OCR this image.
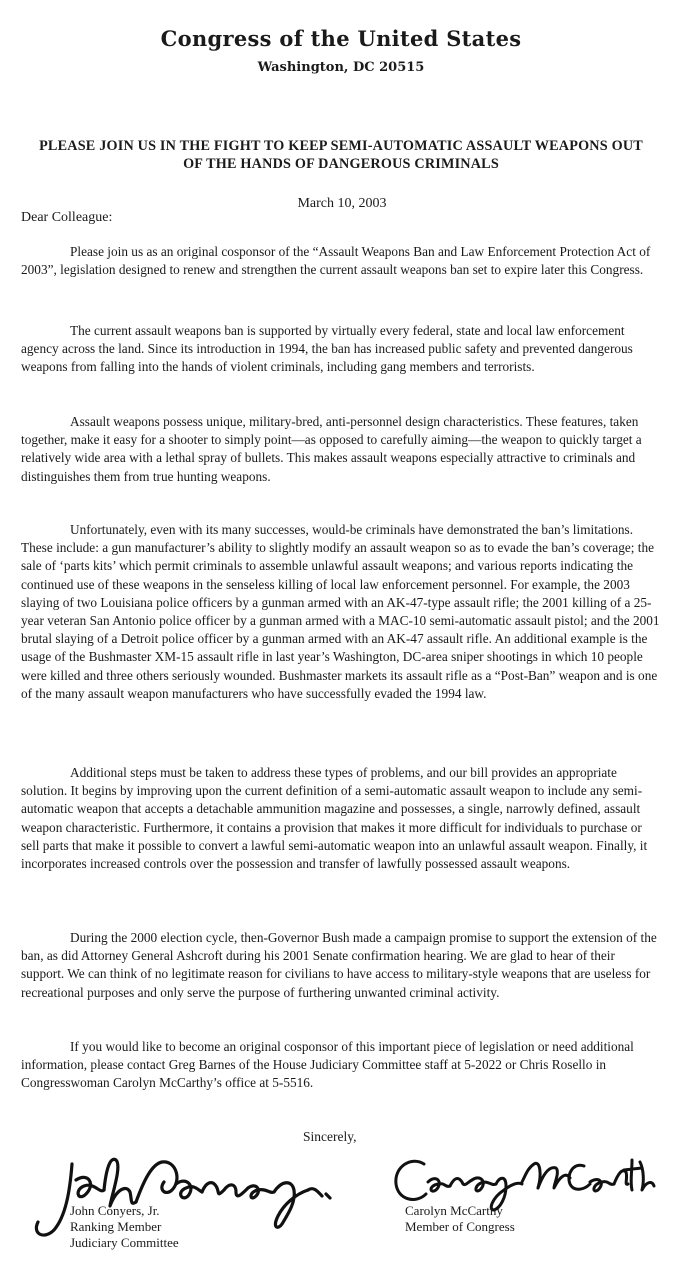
Congress of the United States
Washington, DC 20515
PLEASE JOIN US IN THE FIGHT TO KEEP SEMI-AUTOMATIC ASSAULT WEAPONS OUT OF THE HANDS OF DANGEROUS CRIMINALS
March 10, 2003
Dear Colleague:

Please join us as an original cosponsor of the “Assault Weapons Ban and Law Enforcement Protection Act of 2003”, legislation designed to renew and strengthen the current assault weapons ban set to expire later this Congress.

The current assault weapons ban is supported by virtually every federal, state and local law enforcement agency across the land. Since its introduction in 1994, the ban has increased public safety and prevented dangerous weapons from falling into the hands of violent criminals, including gang members and terrorists.

Assault weapons possess unique, military-bred, anti-personnel design characteristics. These features, taken together, make it easy for a shooter to simply point—as opposed to carefully aiming—the weapon to quickly target a relatively wide area with a lethal spray of bullets. This makes assault weapons especially attractive to criminals and distinguishes them from true hunting weapons.

Unfortunately, even with its many successes, would-be criminals have demonstrated the ban’s limitations. These include: a gun manufacturer’s ability to slightly modify an assault weapon so as to evade the ban’s coverage; the sale of ‘parts kits’ which permit criminals to assemble unlawful assault weapons; and various reports indicating the continued use of these weapons in the senseless killing of local law enforcement personnel. For example, the 2003 slaying of two Louisiana police officers by a gunman armed with an AK-47-type assault rifle; the 2001 killing of a 25-year veteran San Antonio police officer by a gunman armed with a MAC-10 semi-automatic assault pistol; and the 2001 brutal slaying of a Detroit police officer by a gunman armed with an AK-47 assault rifle. An additional example is the usage of the Bushmaster XM-15 assault rifle in last year’s Washington, DC-area sniper shootings in which 10 people were killed and three others seriously wounded. Bushmaster markets its assault rifle as a “Post-Ban” weapon and is one of the many assault weapon manufacturers who have successfully evaded the 1994 law.

Additional steps must be taken to address these types of problems, and our bill provides an appropriate solution. It begins by improving upon the current definition of a semi-automatic assault weapon to include any semi-automatic weapon that accepts a detachable ammunition magazine and possesses, a single, narrowly defined, assault weapon characteristic. Furthermore, it contains a provision that makes it more difficult for individuals to purchase or sell parts that make it possible to convert a lawful semi-automatic weapon into an unlawful assault weapon. Finally, it incorporates increased controls over the possession and transfer of lawfully possessed assault weapons.

During the 2000 election cycle, then-Governor Bush made a campaign promise to support the extension of the ban, as did Attorney General Ashcroft during his 2001 Senate confirmation hearing. We are glad to hear of their support. We can think of no legitimate reason for civilians to have access to military-style weapons that are useless for recreational purposes and only serve the purpose of furthering unwanted criminal activity.

If you would like to become an original cosponsor of this important piece of legislation or need additional information, please contact Greg Barnes of the House Judiciary Committee staff at 5-2022 or Chris Rosello in Congresswoman Carolyn McCarthy’s office at 5-5516.

Sincerely,
John Conyers, Jr.
Ranking Member
Judiciary Committee
Carolyn McCarthy
Member of Congress
